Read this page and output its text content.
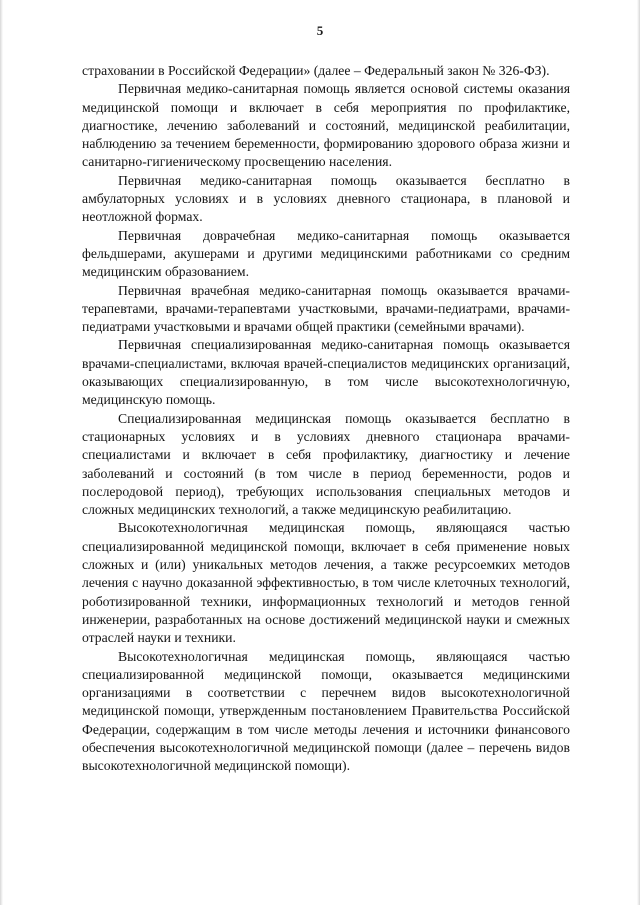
5

страховании в Российской Федерации» (далее – Федеральный закон № 326-ФЗ).

Первичная медико-санитарная помощь является основой системы оказания медицинской помощи и включает в себя мероприятия по профилактике, диагностике, лечению заболеваний и состояний, медицинской реабилитации, наблюдению за течением беременности, формированию здорового образа жизни и санитарно-гигиеническому просвещению населения.

Первичная медико-санитарная помощь оказывается бесплатно в амбулаторных условиях и в условиях дневного стационара, в плановой и неотложной формах.

Первичная доврачебная медико-санитарная помощь оказывается фельдшерами, акушерами и другими медицинскими работниками со средним медицинским образованием.

Первичная врачебная медико-санитарная помощь оказывается врачами-терапевтами, врачами-терапевтами участковыми, врачами-педиатрами, врачами-педиатрами участковыми и врачами общей практики (семейными врачами).

Первичная специализированная медико-санитарная помощь оказывается врачами-специалистами, включая врачей-специалистов медицинских организаций, оказывающих специализированную, в том числе высокотехнологичную, медицинскую помощь.

Специализированная медицинская помощь оказывается бесплатно в стационарных условиях и в условиях дневного стационара врачами-специалистами и включает в себя профилактику, диагностику и лечение заболеваний и состояний (в том числе в период беременности, родов и послеродовой период), требующих использования специальных методов и сложных медицинских технологий, а также медицинскую реабилитацию.

Высокотехнологичная медицинская помощь, являющаяся частью специализированной медицинской помощи, включает в себя применение новых сложных и (или) уникальных методов лечения, а также ресурсоемких методов лечения с научно доказанной эффективностью, в том числе клеточных технологий, роботизированной техники, информационных технологий и методов генной инженерии, разработанных на основе достижений медицинской науки и смежных отраслей науки и техники.

Высокотехнологичная медицинская помощь, являющаяся частью специализированной медицинской помощи, оказывается медицинскими организациями в соответствии с перечнем видов высокотехнологичной медицинской помощи, утвержденным постановлением Правительства Российской Федерации, содержащим в том числе методы лечения и источники финансового обеспечения высокотехнологичной медицинской помощи (далее – перечень видов высокотехнологичной медицинской помощи).
